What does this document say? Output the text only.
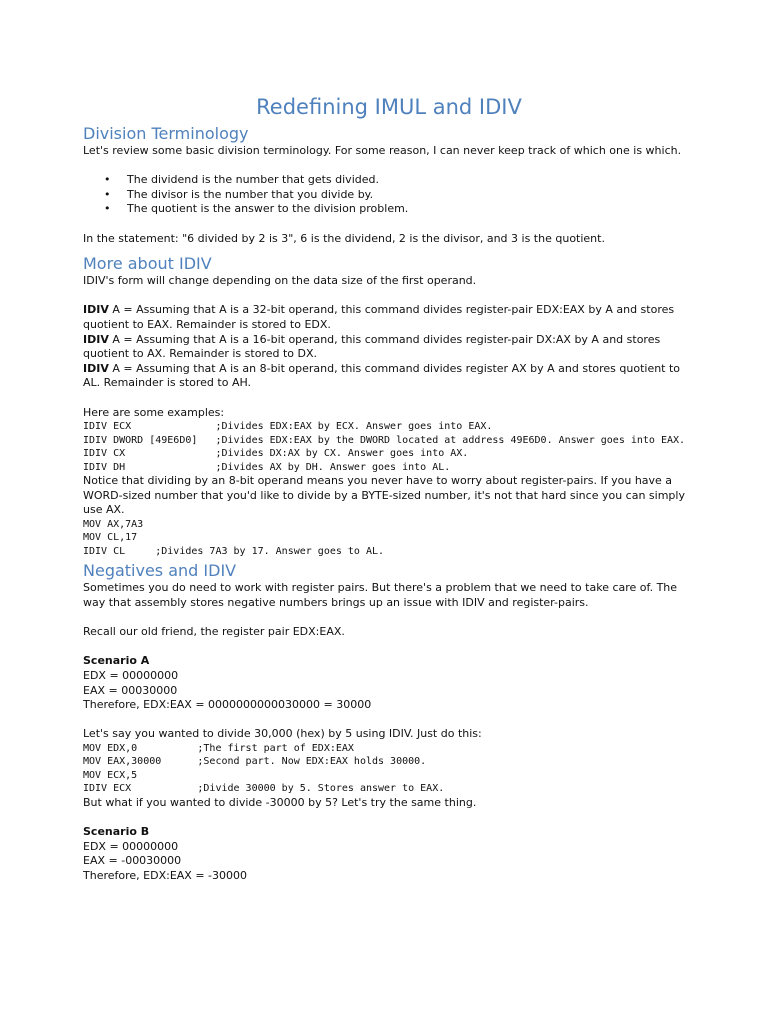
Redefining IMUL and IDIV
Division Terminology

Let's review some basic division terminology. For some reason, I can never keep track of which one is which.

• The dividend is the number that gets divided.
• The divisor is the number that you divide by.
• The quotient is the answer to the division problem.

In the statement: "6 divided by 2 is 3", 6 is the dividend, 2 is the divisor, and 3 is the quotient.

More about IDIV

IDIV's form will change depending on the data size of the first operand.

IDIV A = Assuming that A is a 32-bit operand, this command divides register-pair EDX:EAX by A and stores quotient to EAX. Remainder is stored to EDX.

IDIV A = Assuming that A is a 16-bit operand, this command divides register-pair DX:AX by A and stores quotient to AX. Remainder is stored to DX.

IDIV A = Assuming that A is an 8-bit operand, this command divides register AX by A and stores quotient to AL. Remainder is stored to AH.

Here are some examples:

IDIV ECX              ;Divides EDX:EAX by ECX. Answer goes into EAX.
IDIV DWORD [49E6D0]   ;Divides EDX:EAX by the DWORD located at address 49E6D0. Answer goes into EAX.
IDIV CX               ;Divides DX:AX by CX. Answer goes into AX.
IDIV DH               ;Divides AX by DH. Answer goes into AL.

Notice that dividing by an 8-bit operand means you never have to worry about register-pairs. If you have a WORD-sized number that you'd like to divide by a BYTE-sized number, it's not that hard since you can simply use AX.

MOV AX,7A3
MOV CL,17
IDIV CL     ;Divides 7A3 by 17. Answer goes to AL.
Negatives and IDIV

Sometimes you do need to work with register pairs. But there's a problem that we need to take care of. The way that assembly stores negative numbers brings up an issue with IDIV and register-pairs.

Recall our old friend, the register pair EDX:EAX.

Scenario A

EDX = 00000000

EAX = 00030000

Therefore, EDX:EAX = 0000000000030000 = 30000

Let's say you wanted to divide 30,000 (hex) by 5 using IDIV. Just do this:

MOV EDX,0          ;The first part of EDX:EAX
MOV EAX,30000      ;Second part. Now EDX:EAX holds 30000.
MOV ECX,5
IDIV ECX           ;Divide 30000 by 5. Stores answer to EAX.

But what if you wanted to divide -30000 by 5? Let's try the same thing.

Scenario B

EDX = 00000000

EAX = -00030000

Therefore, EDX:EAX = -30000
